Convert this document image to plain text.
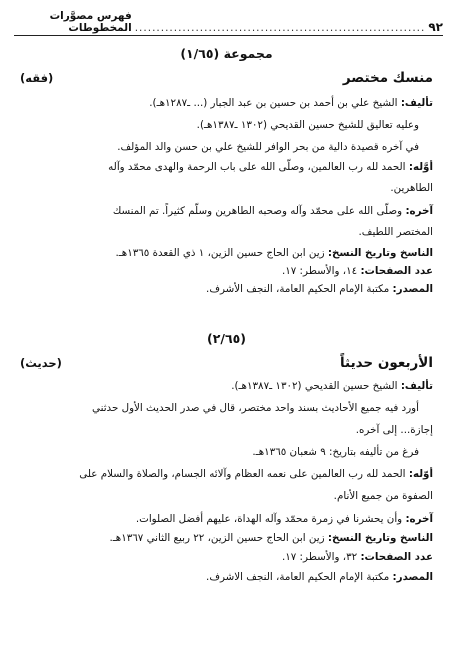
٩٢
...................................................................
فهرس مصوَّرات المخطوطات
مجموعة (١/٦٥)
منسك مختصر
(فقه)
تأليف: الشيخ علي بن أحمد بن حسين بن عبد الجبار (... ـ١٢٨٧هـ).
وعليه تعاليق للشيخ حسين القديحي (١٣٠٢ ـ١٣٨٧هـ).
في آخره قصيدة دالية من بحر الوافر للشيخ علي بن حسن والد المؤلف.
أوَّله: الحمد لله رب العالمين، وصلّى الله على باب الرحمة والهدى محمّد وآله
الطاهرين.
آخره: وصلّى الله على محمّد وآله وصحبه الطاهرين وسلّم كثيراً. تم المنسك
المختصر اللطيف.
الناسخ وتاريخ النسخ: زين ابن الحاج حسين الزين، ١ ذي القعدة ١٣٦٥هـ.
عدد الصفحات: ١٤، والأسطر: ١٧.
المصدر: مكتبة الإمام الحكيم العامة، النجف الأشرف.
(٢/٦٥)
الأربعون حديثاً
(حديث)
تأليف: الشيخ حسين القديحي (١٣٠٢ ـ١٣٨٧هـ).
أورد فيه جميع الأحاديث بسند واحد مختصر، قال في صدر الحديث الأول حدثني
إجازة... إلى آخره.
فرغ من تأليفه بتاريخ: ٩ شعبان ١٣٦٥هـ.
أوّله: الحمد لله رب العالمين على نعمه العظام وآلائه الجسام، والصلاة والسلام على
الصفوة من جميع الأنام.
آخره: وأن يحشرنا في زمرة محمّد وآله الهداة، عليهم أفضل الصلوات.
الناسخ وتاريخ النسخ: زين ابن الحاج حسين الزين، ٢٢ ربيع الثاني ١٣٦٧هـ.
عدد الصفحات: ٣٢، والأسطر: ١٧.
المصدر: مكتبة الإمام الحكيم العامة، النجف الاشرف.
